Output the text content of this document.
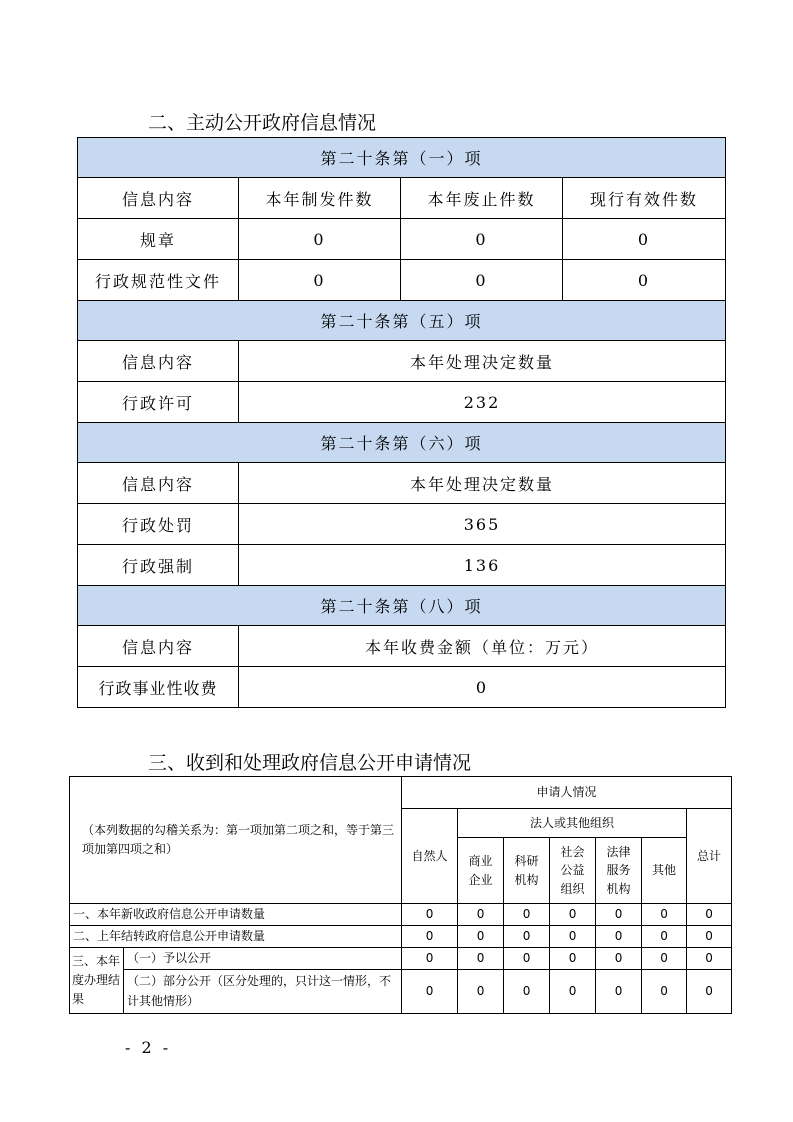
二、主动公开政府信息情况
第二十条第（一）项			
信息内容	本年制发件数	本年废止件数	现行有效件数
规章	0	0	0
行政规范性文件	0	0	0
第二十条第（五）项			
信息内容	本年处理决定数量		
行政许可	232		
第二十条第（六）项			
信息内容	本年处理决定数量		
行政处罚	365		
行政强制	136		
第二十条第（八）项			
信息内容	本年收费金额（单位：万元）		
行政事业性收费	0		
三、收到和处理政府信息公开申请情况
（本列数据的勾稽关系为：第一项加第二项之和，等于第三项加第四项之和）		申请人情况						
		自然人	法人或其他组织					总计
			商业企业	科研机构	社会公益组织	法律服务机构	其他	
一、本年新收政府信息公开申请数量		0	0	0	0	0	0	0
二、上年结转政府信息公开申请数量		0	0	0	0	0	0	0
三、本年度办理结果	（一）予以公开	0	0	0	0	0	0	0
	（二）部分公开（区分处理的，只计这一情形，不计其他情形）	0	0	0	0	0	0	0
- 2 -
